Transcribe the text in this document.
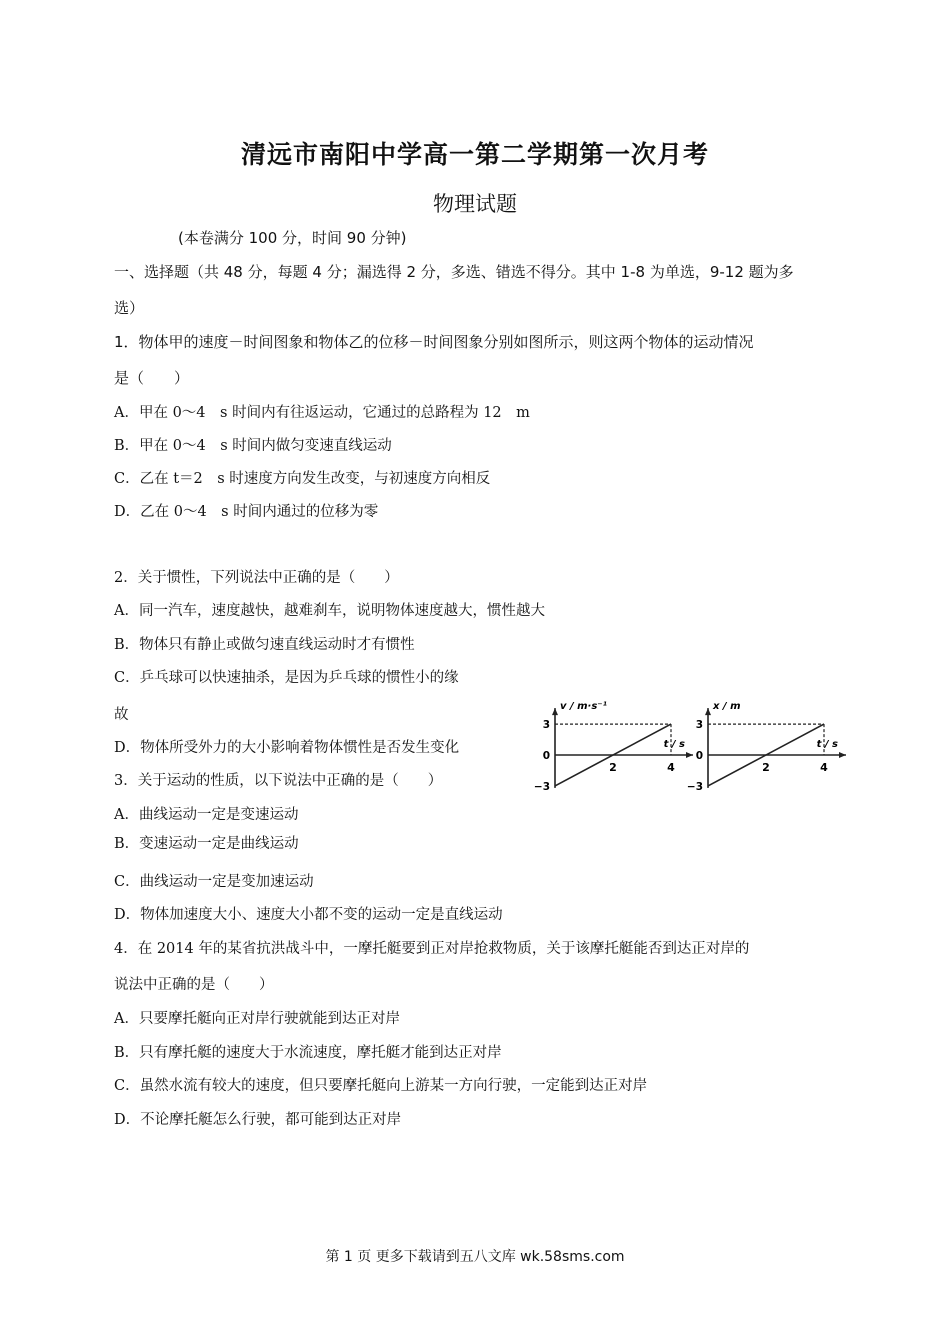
清远市南阳中学高一第二学期第一次月考
物理试题
(本卷满分 100 分，时间 90 分钟)
一、选择题（共 48 分，每题 4 分；漏选得 2 分，多选、错选不得分。其中 1-8 为单选，9-12 题为多
选）
1．物体甲的速度－时间图象和物体乙的位移－时间图象分别如图所示，则这两个物体的运动情况
是（　　）
A．甲在 0～4　s 时间内有往返运动，它通过的总路程为 12　m
B．甲在 0～4　s 时间内做匀变速直线运动
C．乙在 t＝2　s 时速度方向发生改变，与初速度方向相反
D．乙在 0～4　s 时间内通过的位移为零
2．关于惯性，下列说法中正确的是（　　）
A．同一汽车，速度越快，越难刹车，说明物体速度越大，惯性越大
B．物体只有静止或做匀速直线运动时才有惯性
C．乒乓球可以快速抽杀，是因为乒乓球的惯性小的缘
故
D．物体所受外力的大小影响着物体惯性是否发生变化
3．关于运动的性质，以下说法中正确的是（　　）
A．曲线运动一定是变速运动
B．变速运动一定是曲线运动
C．曲线运动一定是变加速运动
D．物体加速度大小、速度大小都不变的运动一定是直线运动
4．在 2014 年的某省抗洪战斗中，一摩托艇要到正对岸抢救物质，关于该摩托艇能否到达正对岸的
说法中正确的是（　　）
A．只要摩托艇向正对岸行驶就能到达正对岸
B．只有摩托艇的速度大于水流速度，摩托艇才能到达正对岸
C．虽然水流有较大的速度，但只要摩托艇向上游某一方向行驶，一定能到达正对岸
D．不论摩托艇怎么行驶，都可能到达正对岸
3
0
−3
2	4
v / m·s⁻¹
t / s
3
0
−3
2	4
x / m
t / s
第 1 页 更多下载请到五八文库 wk.58sms.com
